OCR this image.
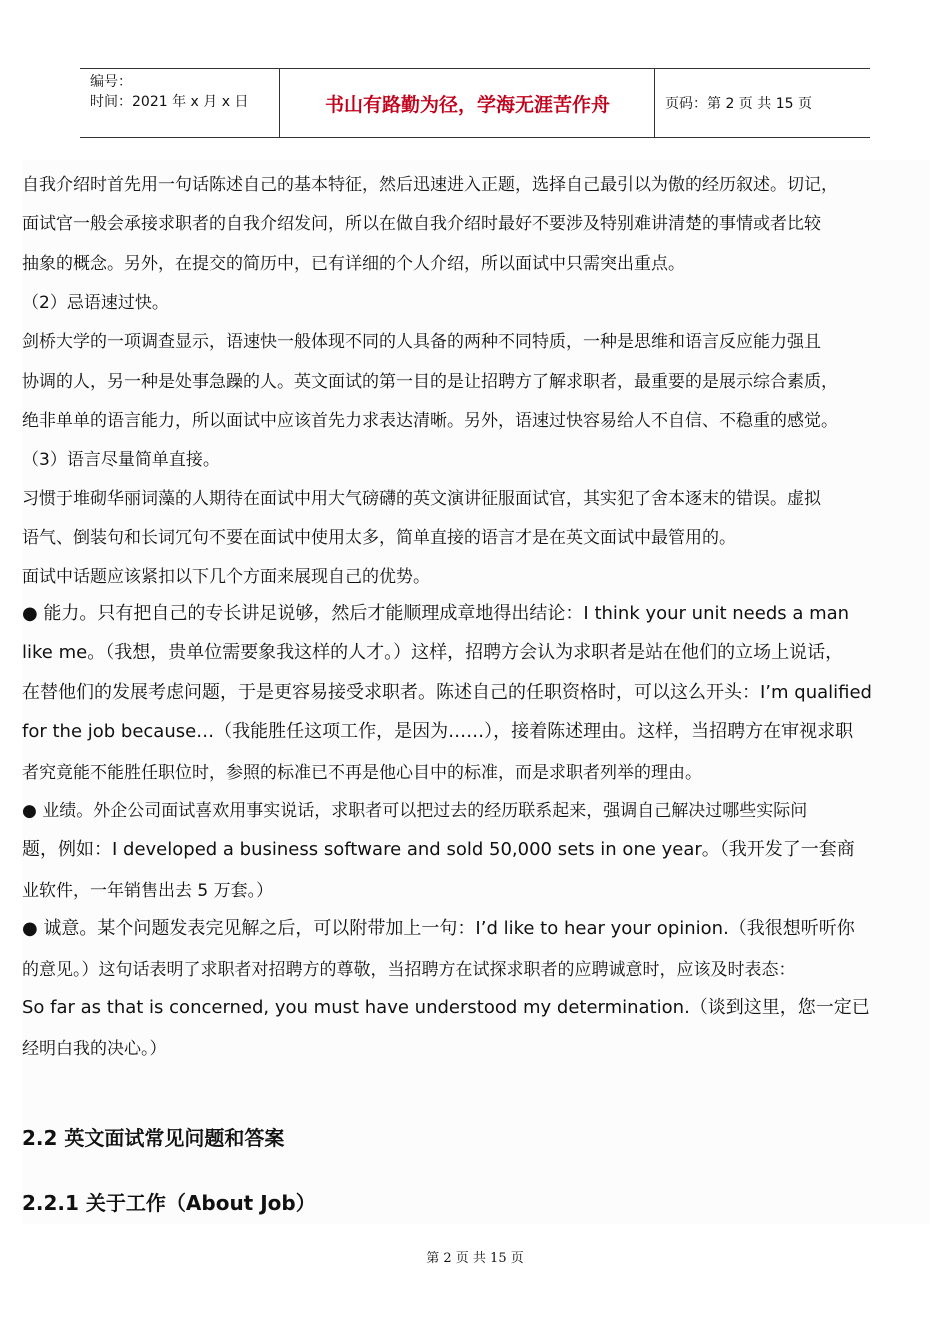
编号：
时间：2021 年 x 月 x 日	书山有路勤为径，学海无涯苦作舟	页码：第 2 页 共 15 页
自我介绍时首先用一句话陈述自己的基本特征，然后迅速进入正题，选择自己最引以为傲的经历叙述。切记，
面试官一般会承接求职者的自我介绍发问，所以在做自我介绍时最好不要涉及特别难讲清楚的事情或者比较
抽象的概念。另外，在提交的简历中，已有详细的个人介绍，所以面试中只需突出重点。
（2）忌语速过快。
剑桥大学的一项调查显示，语速快一般体现不同的人具备的两种不同特质，一种是思维和语言反应能力强且
协调的人，另一种是处事急躁的人。英文面试的第一目的是让招聘方了解求职者，最重要的是展示综合素质，
绝非单单的语言能力，所以面试中应该首先力求表达清晰。另外，语速过快容易给人不自信、不稳重的感觉。
（3）语言尽量简单直接。
习惯于堆砌华丽词藻的人期待在面试中用大气磅礴的英文演讲征服面试官，其实犯了舍本逐末的错误。虚拟
语气、倒装句和长词冗句不要在面试中使用太多，简单直接的语言才是在英文面试中最管用的。
面试中话题应该紧扣以下几个方面来展现自己的优势。
● 能力。只有把自己的专长讲足说够，然后才能顺理成章地得出结论：I think your unit needs a man
like me。（我想，贵单位需要象我这样的人才。）这样，招聘方会认为求职者是站在他们的立场上说话，
在替他们的发展考虑问题，于是更容易接受求职者。陈述自己的任职资格时，可以这么开头：I’m qualified
for the job because…（我能胜任这项工作，是因为……），接着陈述理由。这样，当招聘方在审视求职
者究竟能不能胜任职位时，参照的标准已不再是他心目中的标准，而是求职者列举的理由。
● 业绩。外企公司面试喜欢用事实说话，求职者可以把过去的经历联系起来，强调自己解决过哪些实际问
题，例如：I developed a business software and sold 50,000 sets in one year。（我开发了一套商
业软件，一年销售出去 5 万套。）
● 诚意。某个问题发表完见解之后，可以附带加上一句：I’d like to hear your opinion.（我很想听听你
的意见。）这句话表明了求职者对招聘方的尊敬，当招聘方在试探求职者的应聘诚意时，应该及时表态：
So far as that is concerned, you must have understood my determination.（谈到这里，您一定已
经明白我的决心。）
2.2 英文面试常见问题和答案
2.2.1 关于工作（About Job）
第 2 页 共 15 页
